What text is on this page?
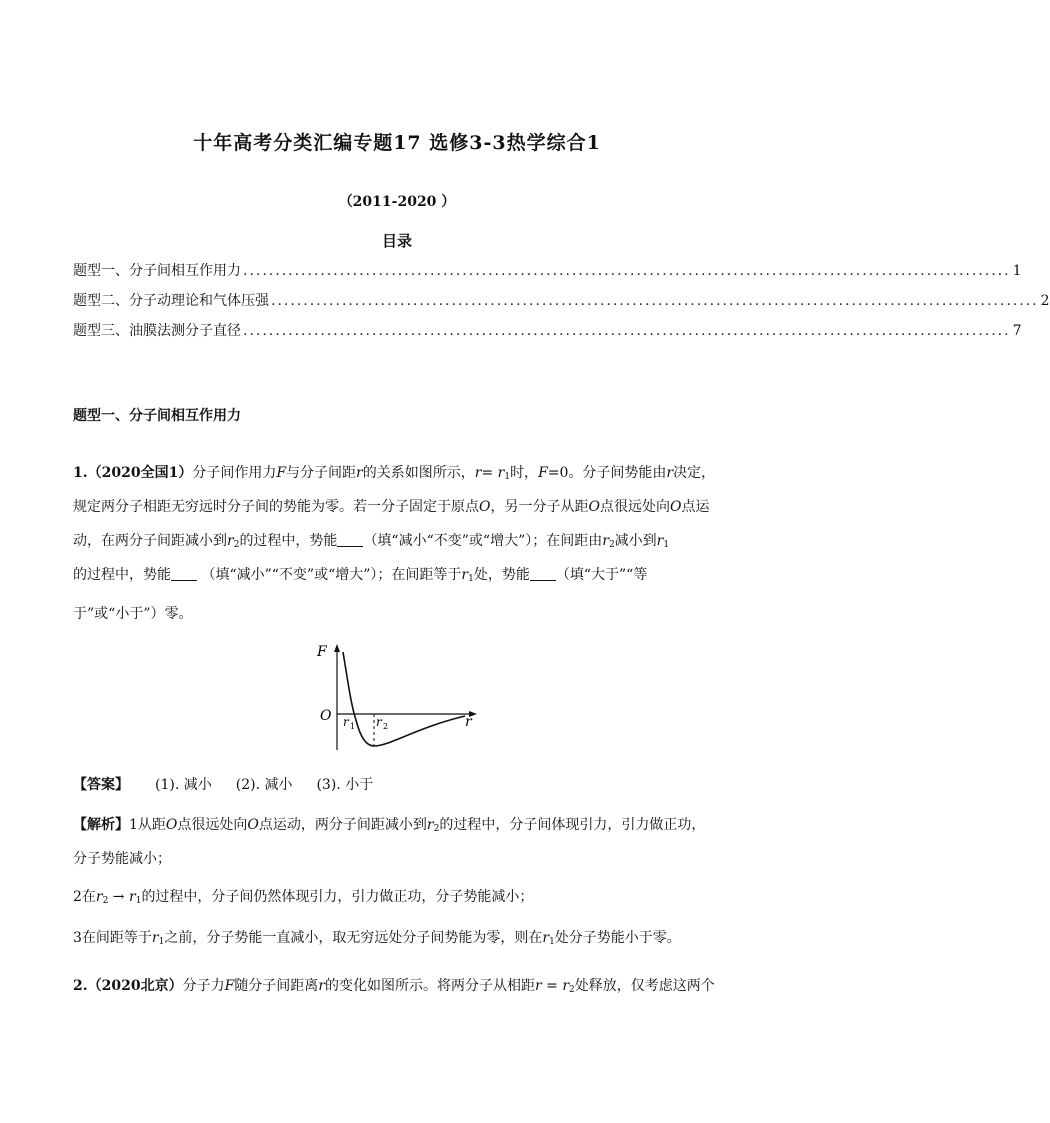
十年高考分类汇编专题17 选修3-3热学综合1
（2011-2020 ）
目录
题型一、分子间相互作用力 ....................................................................................................................... 1
题型二、分子动理论和气体压强 ....................................................................................................................... 2
题型三、油膜法测分子直径 ....................................................................................................................... 7
题型一、分子间相互作用力
1.（2020全国1）分子间作用力F与分子间距r的关系如图所示，$r= r_1$时，F=0。分子间势能由r决定，
规定两分子相距无穷远时分子间的势能为零。若一分子固定于原点O，另一分子从距O点很远处向O点运
动，在两分子间距减小到$r_2$的过程中，势能 （填“减小“不变”或“增大”）；在间距由$r_2$减小到$r_1$
的过程中，势能 （填“减小”“不变”或“增大”）；在间距等于$r_1$处，势能 （填“大于”“等
于”或“小于”）零。
F
O	r
r 1 r 2
【答案】 (1). 减小 (2). 减小 (3). 小于
【解析】1从距O点很远处向O点运动，两分子间距减小到$r_2$的过程中，分子间体现引力，引力做正功，
分子势能减小；
2在$r_2 \to r_1$的过程中，分子间仍然体现引力，引力做正功，分子势能减小；
3在间距等于$r_1$之前，分子势能一直减小，取无穷远处分子间势能为零，则在$r_1$处分子势能小于零。
2.（2020北京）分子力F随分子间距离r的变化如图所示。将两分子从相距$r = r_2$处释放，仅考虑这两个
